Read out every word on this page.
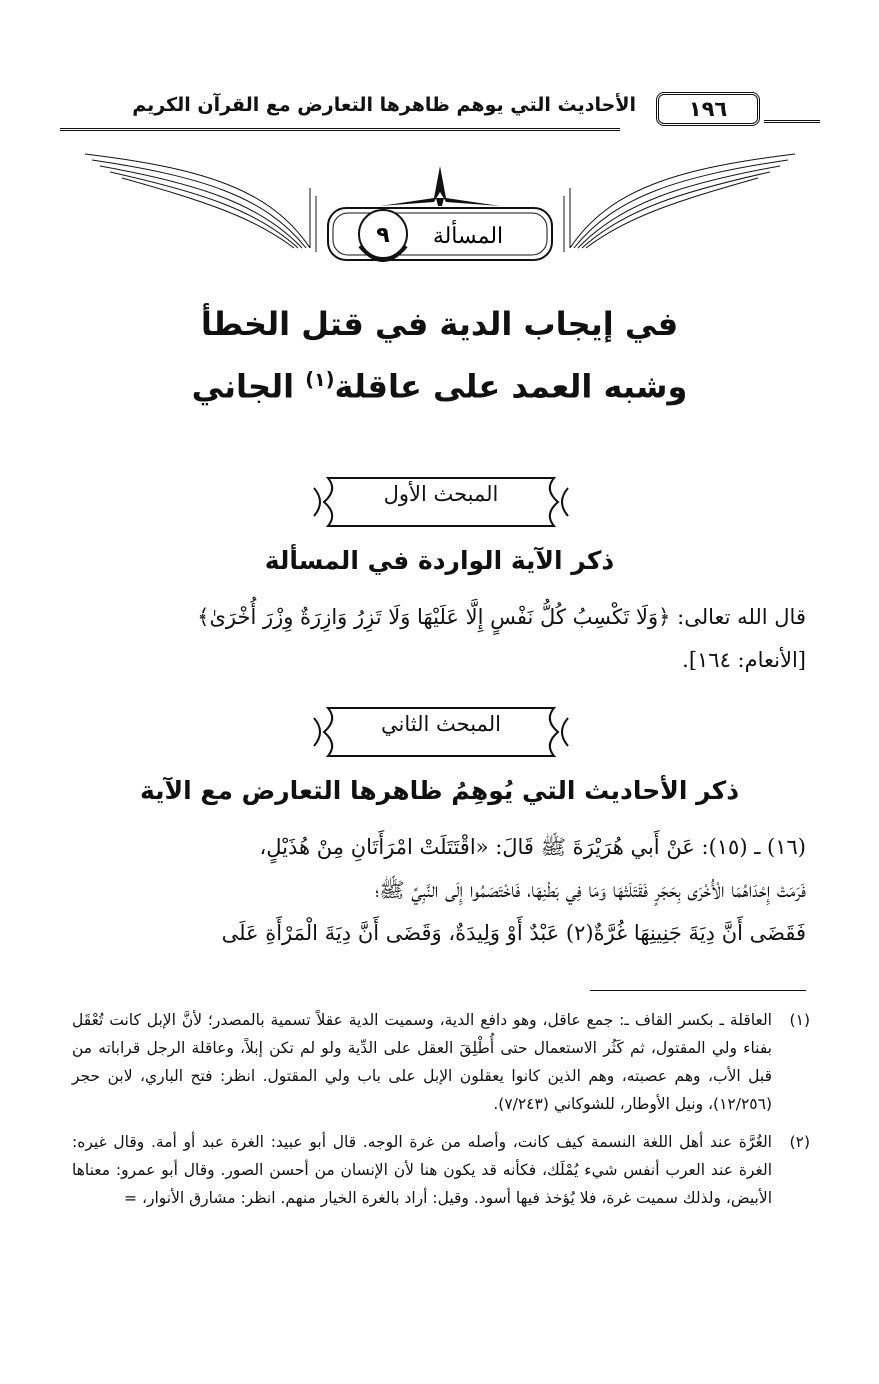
الأحاديث التي يوهم ظاهرها التعارض مع القرآن الكريم	١٩٦
٩ المسألة
في إيجاب الدية في قتل الخطأ
وشبه العمد على عاقلة$^{(١)}$ الجاني
المبحث الأول
ذكر الآية الواردة في المسألة

قال الله تعالى: ﴿وَلَا تَكْسِبُ كُلُّ نَفْسٍ إِلَّا عَلَيْهَا وَلَا تَزِرُ وَازِرَةٌ وِزْرَ أُخْرَىٰ﴾

[الأنعام: ١٦٤].

المبحث الثاني
ذكر الأحاديث التي يُوهِمُ ظاهرها التعارض مع الآية

(١٦) ـ (١٥): عَنْ أَبي هُرَيْرَةَ ﷺ قَالَ: «اقْتَتَلَتْ امْرَأَتَانِ مِنْ هُذَيْلٍ،

فَرَمَتْ إِحْدَاهُمَا الْأُخْرَى بِحَجَرٍ فَقَتَلَتْهَا وَمَا فِي بَطْنِهَا، فَاخْتَصَمُوا إِلَى النَّبِيِّ ﷺ؛

فَقَضَى أَنَّ دِيَةَ جَنِينِهَا غُرَّةٌ(٢) عَبْدٌ أَوْ وَلِيدَةٌ، وَقَضَى أَنَّ دِيَةَ الْمَرْأَةِ عَلَى

(١)
العاقلة ـ بكسر القاف ـ: جمع عاقل، وهو دافع الدية، وسميت الدية عقلاً تسمية بالمصدر؛ لأنَّ الإبل كانت تُعْقَل بفناء ولي المقتول، ثم كَثُر الاستعمال حتى أُطْلِقَ العقل على الدِّية ولو لم تكن إبلاً، وعاقلة الرجل قراباته من قبل الأب، وهم عصبته، وهم الذين كانوا يعقلون الإبل على باب ولي المقتول. انظر: فتح الباري، لابن حجر (١٢/٢٥٦)، ونيل الأوطار، للشوكاني (٧/٢٤٣).
(٢)
الغُرَّة عند أهل اللغة النسمة كيف كانت، وأصله من غرة الوجه. قال أبو عبيد: الغرة عبد أو أمة. وقال غيره: الغرة عند العرب أنفس شيء يُمْلَك، فكأنه قد يكون هنا لأن الإنسان من أحسن الصور. وقال أبو عمرو: معناها الأبيض، ولذلك سميت غرة، فلا يُؤخذ فيها أسود. وقيل: أراد بالغرة الخيار منهم. انظر: مشارق الأنوار، =
